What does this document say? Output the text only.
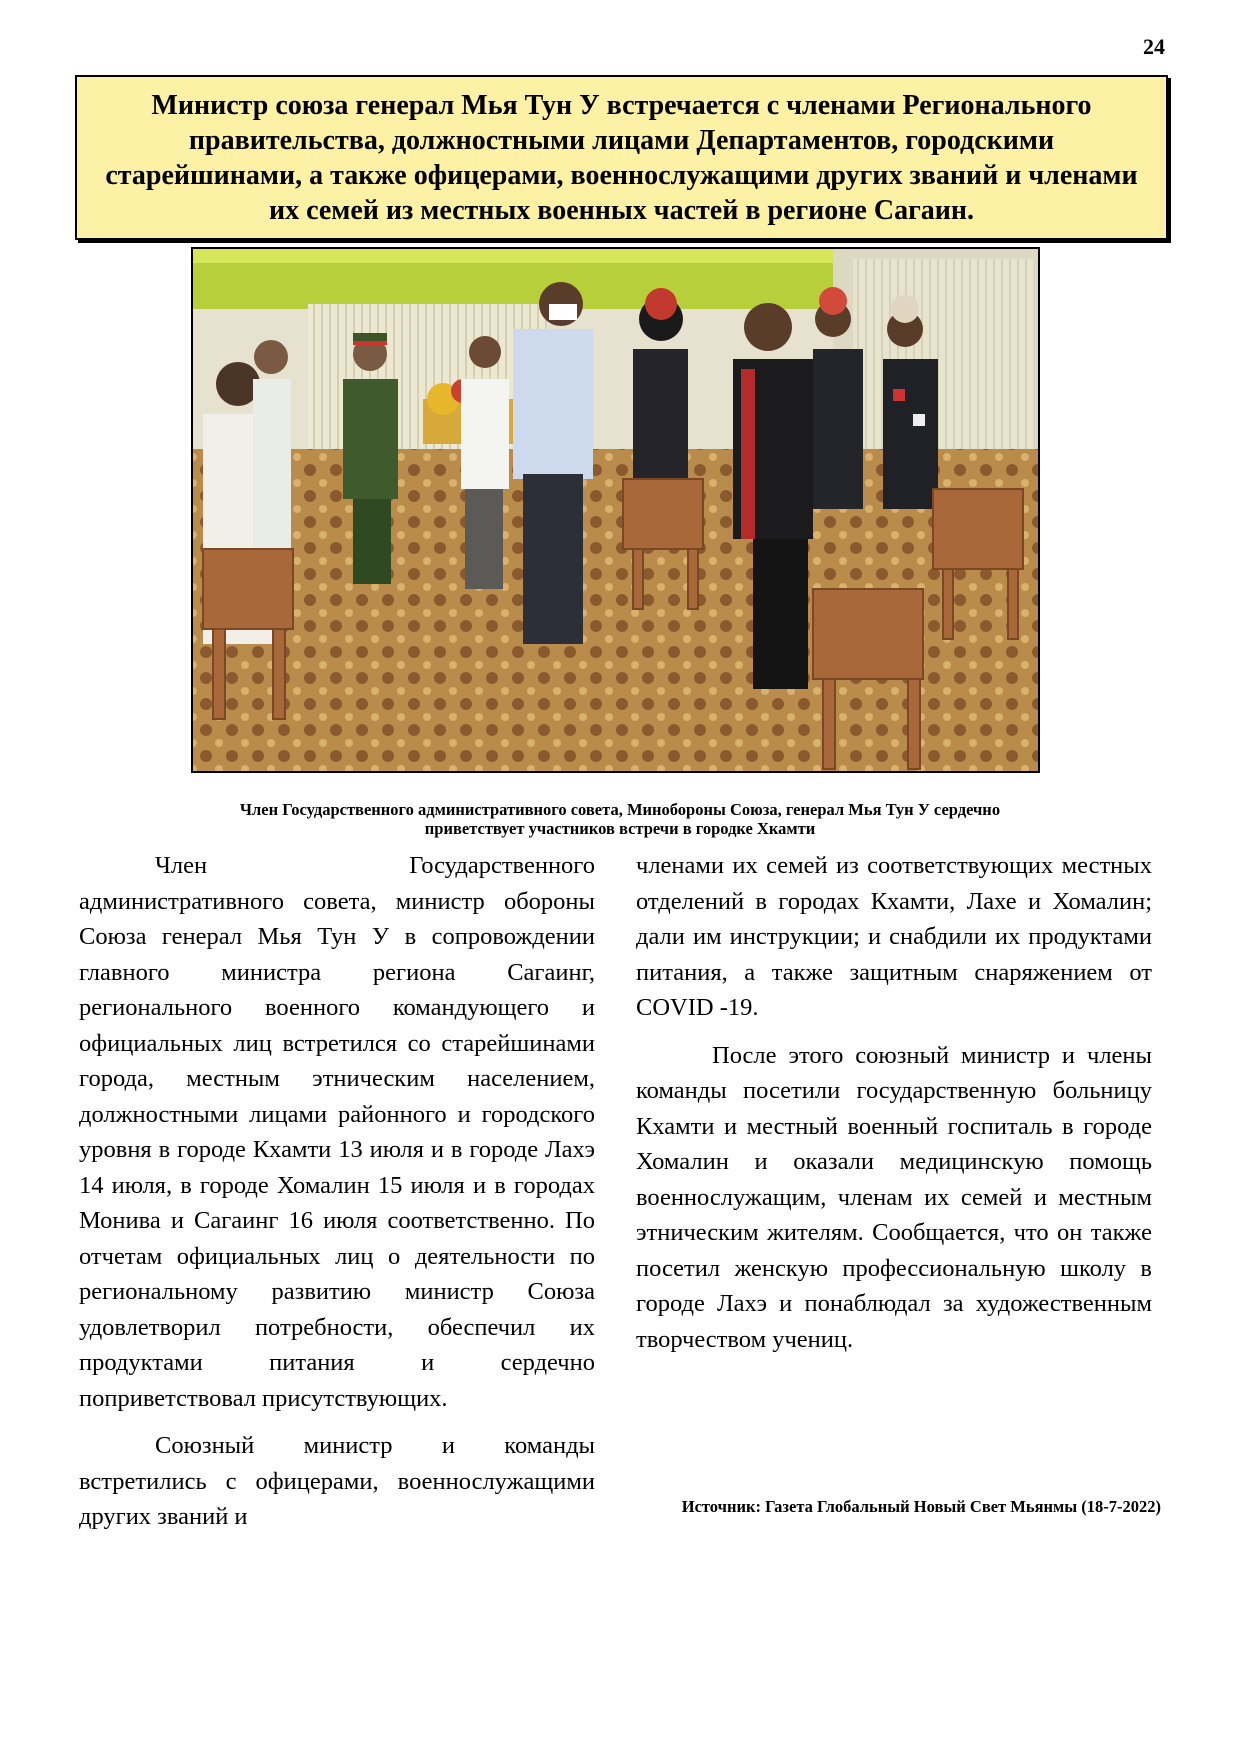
24
Министр союза генерал Мья Тун У встречается с членами Регионального правительства, должностными лицами Департаментов, городскими старейшинами, а также офицерами, военнослужащими других званий и членами их семей из местных военных частей в регионе Сагаин.

Член Государственного административного совета, Минобороны Союза, генерал Мья Тун У сердечно
приветствует участников встречи в городке Хкамти

Член Государственного административного совета, министр обороны Союза генерал Мья Тун У в сопровождении главного министра региона Сагаинг, регионального военного командующего и официальных лиц встретился со старейшинами города, местным этническим населением, должностными лицами районного и городского уровня в городе Кхамти 13 июля и в городе Лахэ 14 июля, в городе Хомалин 15 июля и в городах Монива и Сагаинг 16 июля соответственно. По отчетам официальных лиц о деятельности по региональному развитию министр Союза удовлетворил потребности, обеспечил их продуктами питания и сердечно поприветствовал присутствующих.

Союзный министр и команды встретились с офицерами, военнослужащими других званий и

членами их семей из соответствующих местных отделений в городах Кхамти, Лахе и Хомалин; дали им инструкции; и снабдили их продуктами питания, а также защитным снаряжением от COVID -19.

После этого союзный министр и члены команды посетили государственную больницу Кхамти и местный военный госпиталь в городе Хомалин и оказали медицинскую помощь военнослужащим, членам их семей и местным этническим жителям. Сообщается, что он также посетил женскую профессиональную школу в городе Лахэ и понаблюдал за художественным творчеством учениц.

Источник: Газета Глобальный Новый Свет Мьянмы (18-7-2022)
